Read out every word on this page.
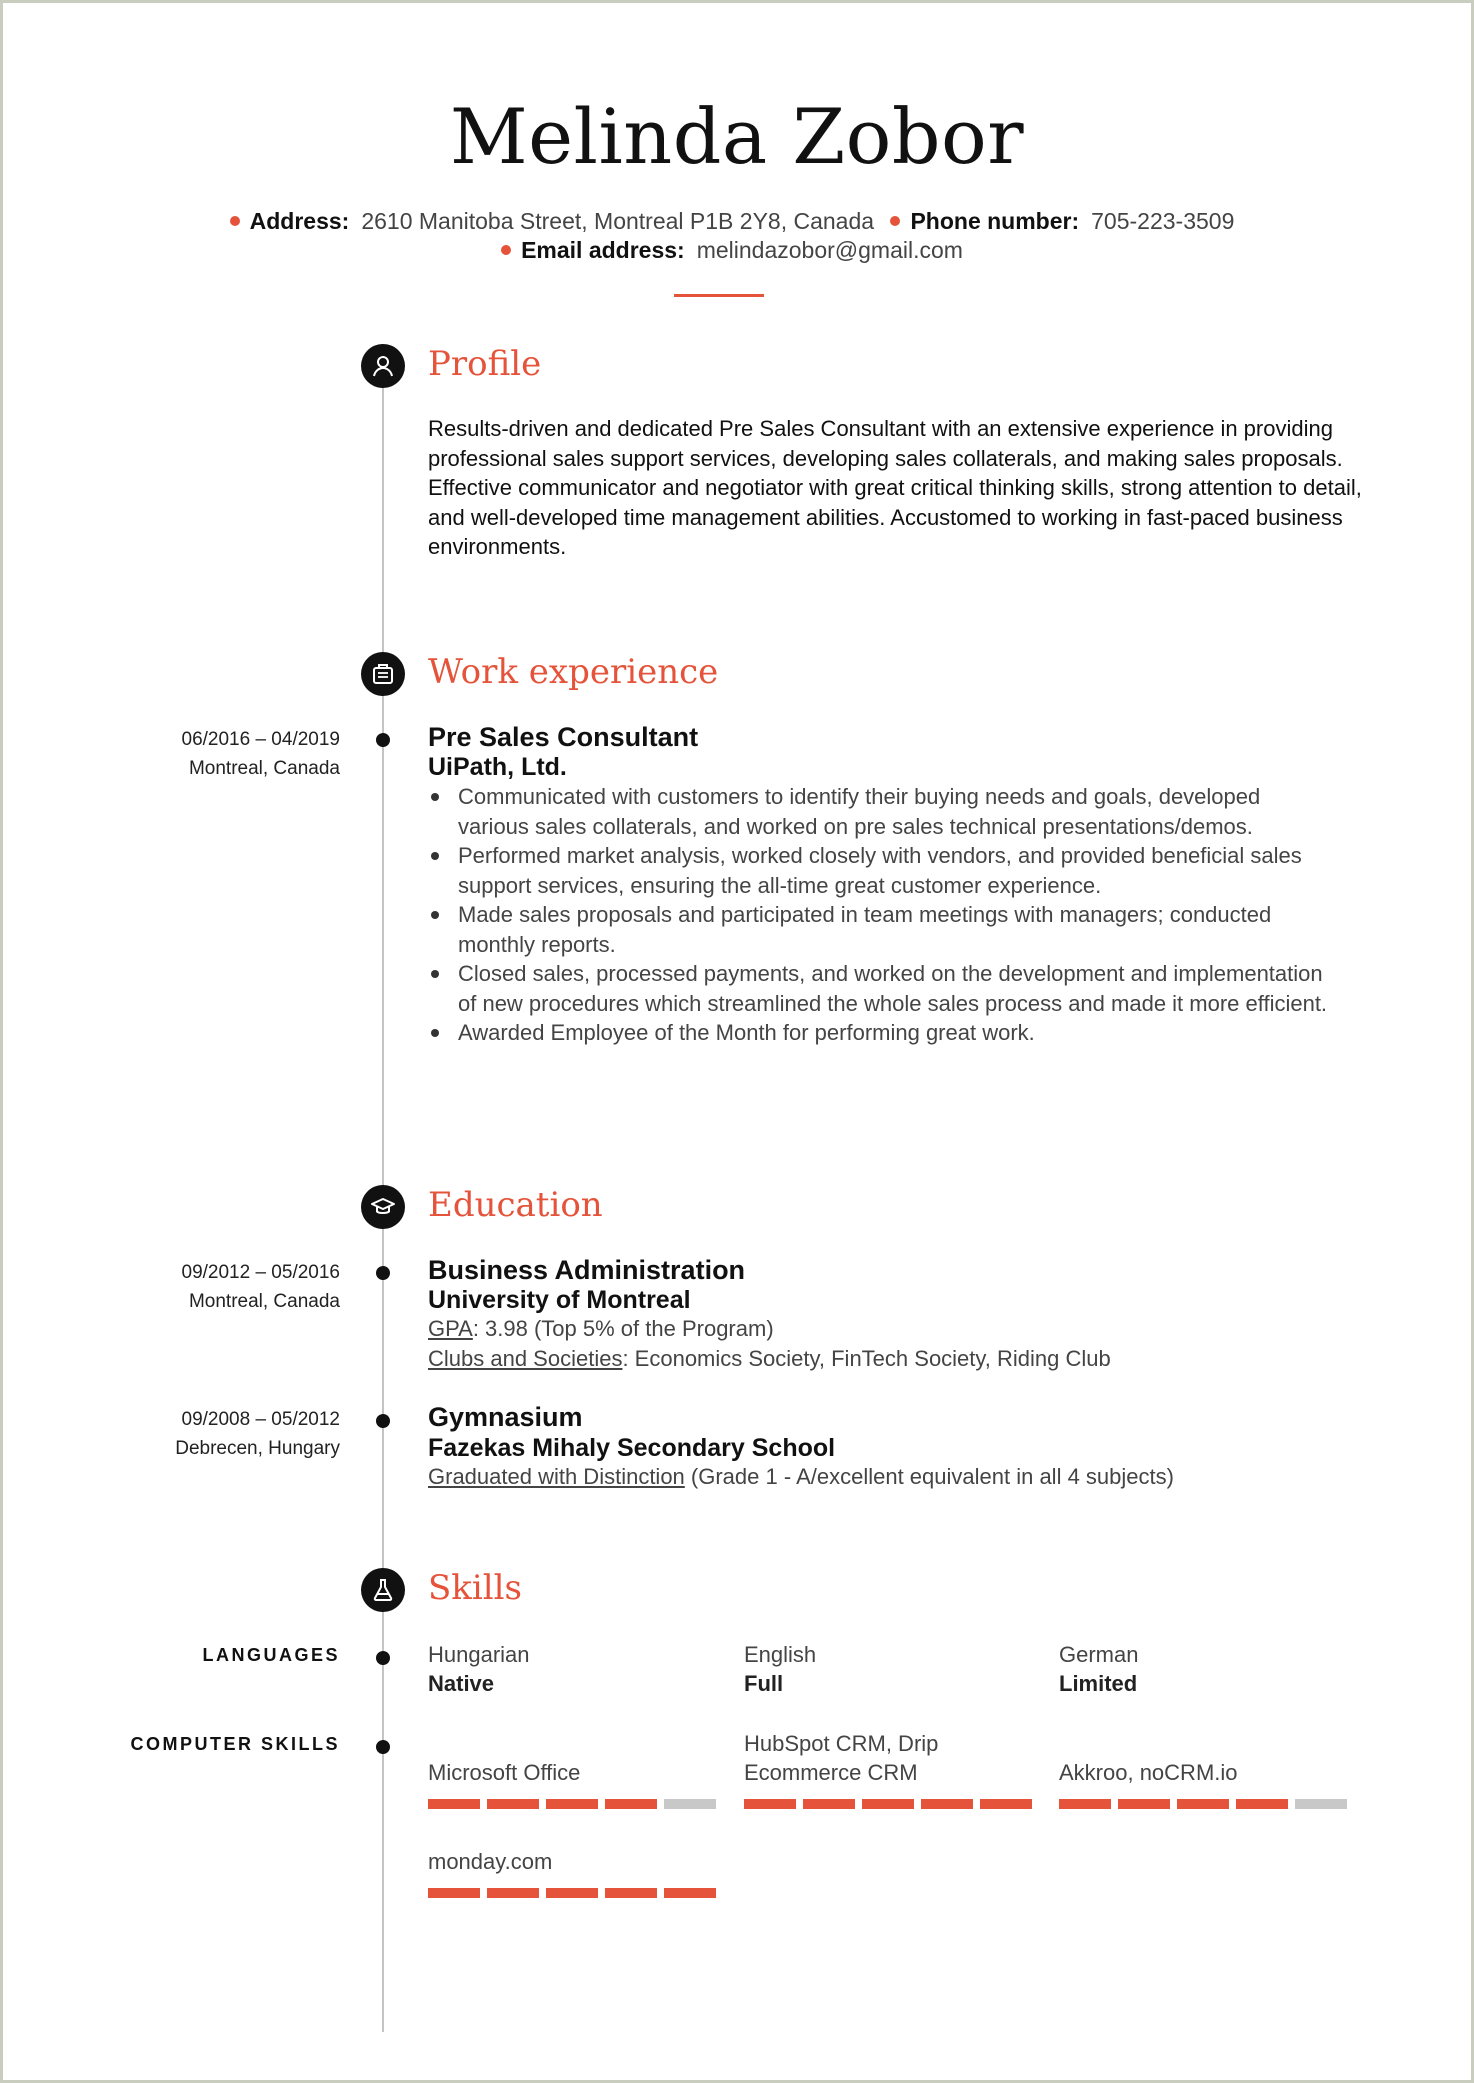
Melinda Zobor
Address: 2610 Manitoba Street, Montreal P1B 2Y8, Canada Phone number: 705-223-3509
Email address: melindazobor@gmail.com
Profile
Results-driven and dedicated Pre Sales Consultant with an extensive experience in providing professional sales support services, developing sales collaterals, and making sales proposals. Effective communicator and negotiator with great critical thinking skills, strong attention to detail, and well-developed time management abilities. Accustomed to working in fast-paced business environments.
Work experience
06/2016 – 04/2019
Montreal, Canada
Pre Sales Consultant
UiPath, Ltd.
Communicated with customers to identify their buying needs and goals, developed various sales collaterals, and worked on pre sales technical presentations/demos.
Performed market analysis, worked closely with vendors, and provided beneficial sales support services, ensuring the all-time great customer experience.
Made sales proposals and participated in team meetings with managers; conducted monthly reports.
Closed sales, processed payments, and worked on the development and implementation of new procedures which streamlined the whole sales process and made it more efficient.
Awarded Employee of the Month for performing great work.
Education
09/2012 – 05/2016
Montreal, Canada
Business Administration
University of Montreal
GPA: 3.98 (Top 5% of the Program)
Clubs and Societies: Economics Society, FinTech Society, Riding Club
09/2008 – 05/2012
Debrecen, Hungary
Gymnasium
Fazekas Mihaly Secondary School
Graduated with Distinction (Grade 1 - A/excellent equivalent in all 4 subjects)
Skills
LANGUAGES	Hungarian
Native
English
Full
German
Limited
COMPUTER SKILLS
Microsoft Office
HubSpot CRM, Drip
Ecommerce CRM	Akkroo, noCRM.io
monday.com
